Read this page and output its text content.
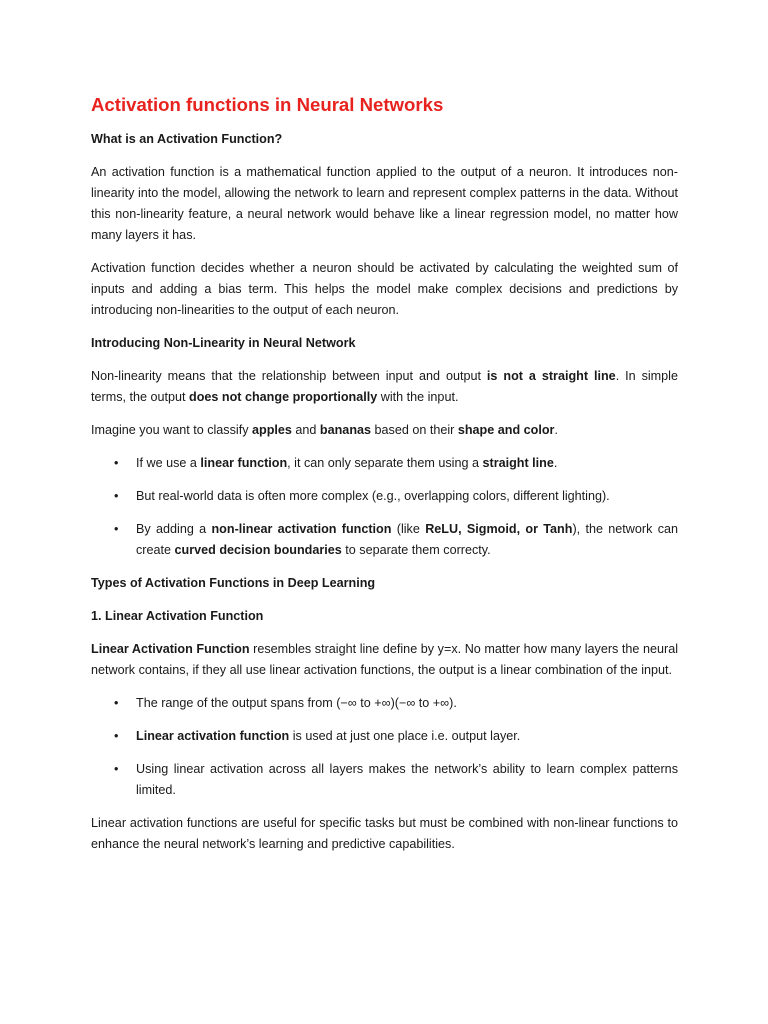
Activation functions in Neural Networks

What is an Activation Function?

An activation function is a mathematical function applied to the output of a neuron. It introduces non-linearity into the model, allowing the network to learn and represent complex patterns in the data. Without this non-linearity feature, a neural network would behave like a linear regression model, no matter how many layers it has.

Activation function decides whether a neuron should be activated by calculating the weighted sum of inputs and adding a bias term. This helps the model make complex decisions and predictions by introducing non-linearities to the output of each neuron.

Introducing Non-Linearity in Neural Network

Non-linearity means that the relationship between input and output is not a straight line. In simple terms, the output does not change proportionally with the input.

Imagine you want to classify apples and bananas based on their shape and color.

• If we use a linear function, it can only separate them using a straight line.
• But real-world data is often more complex (e.g., overlapping colors, different lighting).
• By adding a non-linear activation function (like ReLU, Sigmoid, or Tanh), the network can create curved decision boundaries to separate them correcty.

Types of Activation Functions in Deep Learning

1. Linear Activation Function

Linear Activation Function resembles straight line define by y=x. No matter how many layers the neural network contains, if they all use linear activation functions, the output is a linear combination of the input.

• The range of the output spans from (−∞ to +∞)(−∞ to +∞).
• Linear activation function is used at just one place i.e. output layer.
• Using linear activation across all layers makes the network’s ability to learn complex patterns limited.

Linear activation functions are useful for specific tasks but must be combined with non-linear functions to enhance the neural network’s learning and predictive capabilities.
